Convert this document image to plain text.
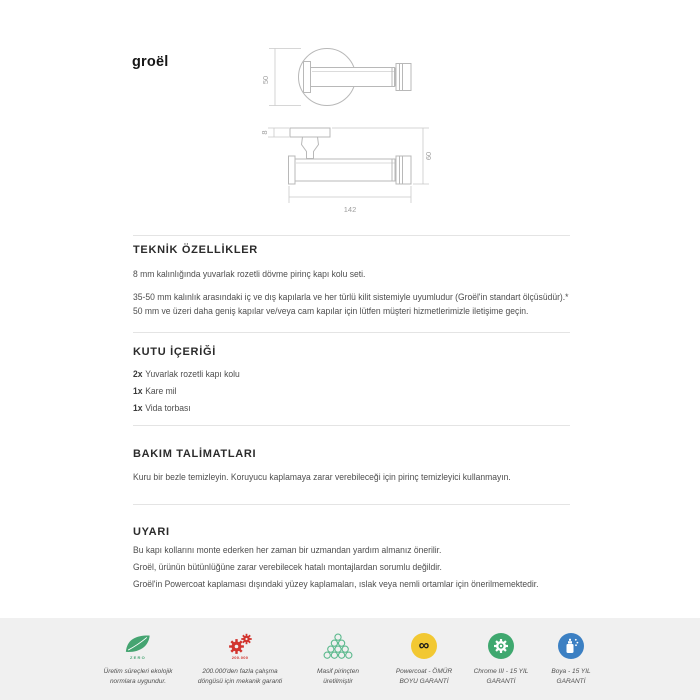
groël
50
8
60
142
TEKNİK ÖZELLİKLER
8 mm kalınlığında yuvarlak rozetli dövme pirinç kapı kolu seti.
35-50 mm kalınlık arasındaki iç ve dış kapılarla ve her türlü kilit sistemiyle uyumludur (Groël'in standart ölçüsüdür).*
50 mm ve üzeri daha geniş kapılar ve/veya cam kapılar için lütfen müşteri hizmetlerimizle iletişime geçin.
KUTU İÇERİĞİ
2x Yuvarlak rozetli kapı kolu
1x Kare mil
1x Vida torbası
BAKIM TALİMATLARI
Kuru bir bezle temizleyin. Koruyucu kaplamaya zarar verebileceği için pirinç temizleyici kullanmayın.
UYARI
Bu kapı kollarını monte ederken her zaman bir uzmandan yardım almanız önerilir.
Groël, ürünün bütünlüğüne zarar verebilecek hatalı montajlardan sorumlu değildir.
Groël'in Powercoat kaplaması dışındaki yüzey kaplamaları, ıslak veya nemli ortamlar için önerilmemektedir.
ZERO
Üretim süreçleri ekolojik
normlara uygundur.
200.000
200.000'den fazla çalışma
döngüsü için mekanik garanti
Masif pirinçten
üretilmiştir
∞
Powercoat - ÖMÜR
BOYU GARANTİ
Chrome III - 15 YIL
GARANTİ
Boya - 15 YIL
GARANTİ
